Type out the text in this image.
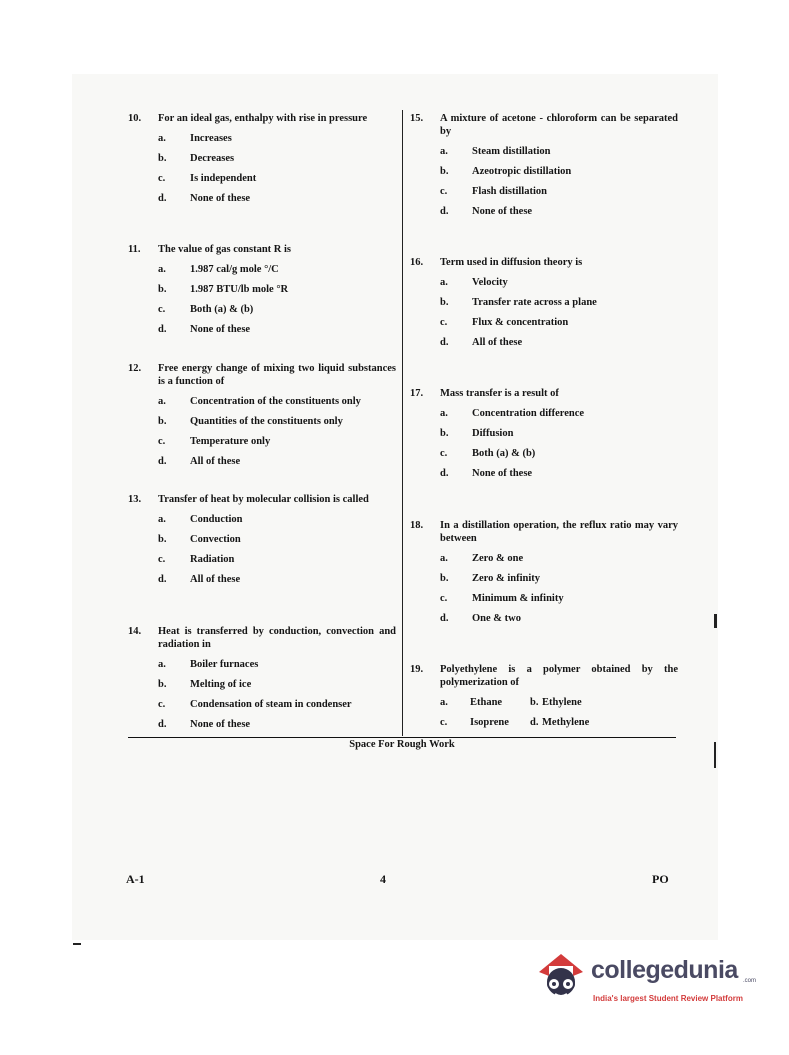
10.	For an ideal gas, enthalpy with rise in pressure
a.	Increases
b.	Decreases
c.	Is independent
d.	None of these
11.	The value of gas constant R is
a.	1.987 cal/g mole °/C
b.	1.987 BTU/lb mole °R
c.	Both (a) & (b)
d.	None of these
12.	Free energy change of mixing two liquid substances is a function of
a.	Concentration of the constituents only
b.	Quantities of the constituents only
c.	Temperature only
d.	All of these
13.	Transfer of heat by molecular collision is called
a.	Conduction
b.	Convection
c.	Radiation
d.	All of these
14.	Heat is transferred by conduction, convection and radiation in
a.	Boiler furnaces
b.	Melting of ice
c.	Condensation of steam in condenser
d.	None of these
15.	A mixture of acetone - chloroform can be separated by
a.	Steam distillation
b.	Azeotropic distillation
c.	Flash distillation
d.	None of these
16.	Term used in diffusion theory is
a.	Velocity
b.	Transfer rate across a plane
c.	Flux & concentration
d.	All of these
17.	Mass transfer is a result of
a.	Concentration difference
b.	Diffusion
c.	Both (a) & (b)
d.	None of these
18.	In a distillation operation, the reflux ratio may vary between
a.	Zero & one
b.	Zero & infinity
c.	Minimum & infinity
d.	One & two
19.	Polyethylene is a polymer obtained by the polymerization of
a.	Ethane	b. Ethylene
c.	Isoprene d. Methylene
Space For Rough Work
A-1	4	PO
collegedunia .com
India's largest Student Review Platform
